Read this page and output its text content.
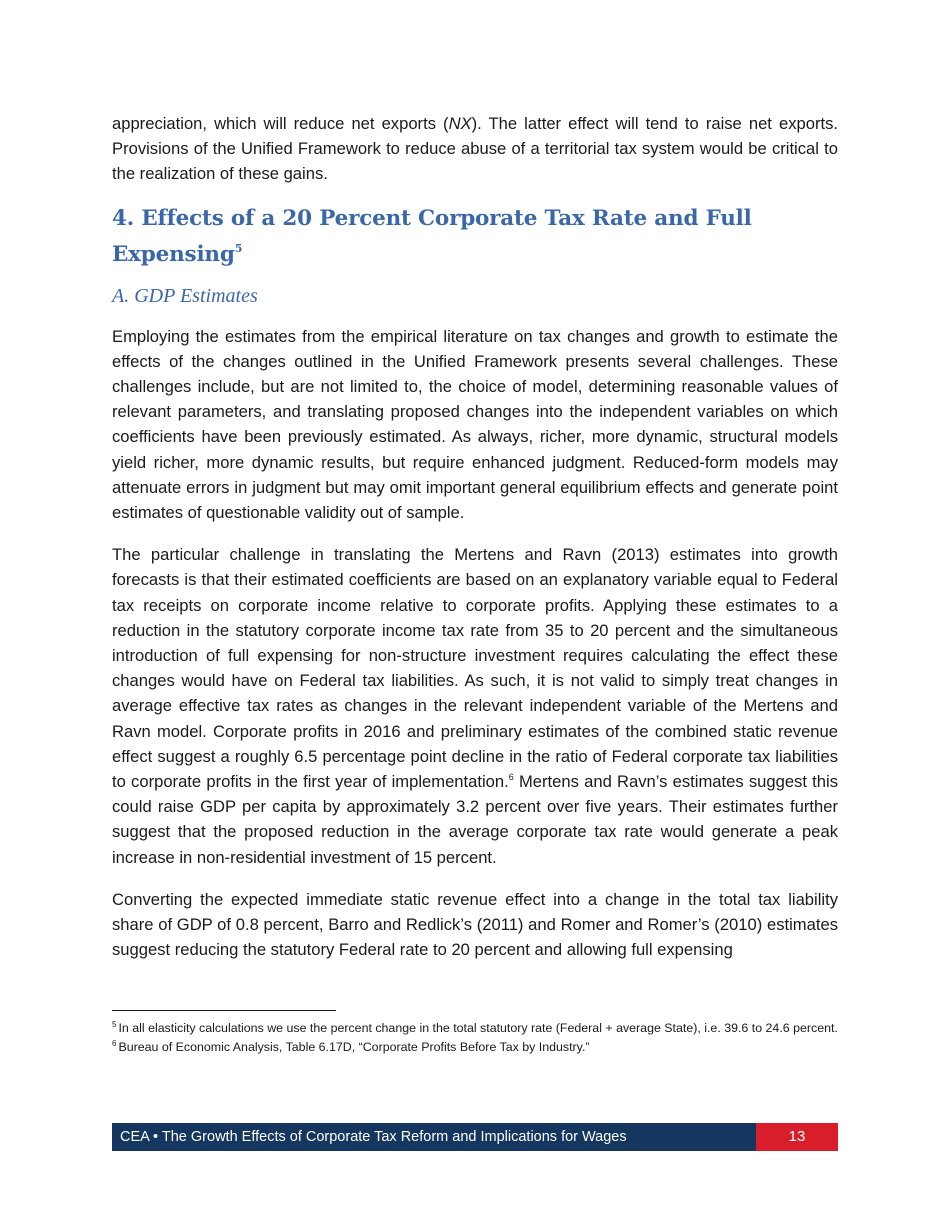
appreciation, which will reduce net exports (NX). The latter effect will tend to raise net exports. Provisions of the Unified Framework to reduce abuse of a territorial tax system would be critical to the realization of these gains.

4. Effects of a 20 Percent Corporate Tax Rate and Full Expensing$^5$
A. GDP Estimates

Employing the estimates from the empirical literature on tax changes and growth to estimate the effects of the changes outlined in the Unified Framework presents several challenges. These challenges include, but are not limited to, the choice of model, determining reasonable values of relevant parameters, and translating proposed changes into the independent variables on which coefficients have been previously estimated. As always, richer, more dynamic, structural models yield richer, more dynamic results, but require enhanced judgment. Reduced-form models may attenuate errors in judgment but may omit important general equilibrium effects and generate point estimates of questionable validity out of sample.

The particular challenge in translating the Mertens and Ravn (2013) estimates into growth forecasts is that their estimated coefficients are based on an explanatory variable equal to Federal tax receipts on corporate income relative to corporate profits. Applying these estimates to a reduction in the statutory corporate income tax rate from 35 to 20 percent and the simultaneous introduction of full expensing for non-structure investment requires calculating the effect these changes would have on Federal tax liabilities. As such, it is not valid to simply treat changes in average effective tax rates as changes in the relevant independent variable of the Mertens and Ravn model. Corporate profits in 2016 and preliminary estimates of the combined static revenue effect suggest a roughly 6.5 percentage point decline in the ratio of Federal corporate tax liabilities to corporate profits in the first year of implementation.$^6$ Mertens and Ravn’s estimates suggest this could raise GDP per capita by approximately 3.2 percent over five years. Their estimates further suggest that the proposed reduction in the average corporate tax rate would generate a peak increase in non-residential investment of 15 percent.

Converting the expected immediate static revenue effect into a change in the total tax liability share of GDP of 0.8 percent, Barro and Redlick’s (2011) and Romer and Romer’s (2010) estimates suggest reducing the statutory Federal rate to 20 percent and allowing full expensing

$^5$ In all elasticity calculations we use the percent change in the total statutory rate (Federal + average State), i.e. 39.6 to 24.6 percent.

$^6$ Bureau of Economic Analysis, Table 6.17D, “Corporate Profits Before Tax by Industry.”

CEA • The Growth Effects of Corporate Tax Reform and Implications for Wages	13
